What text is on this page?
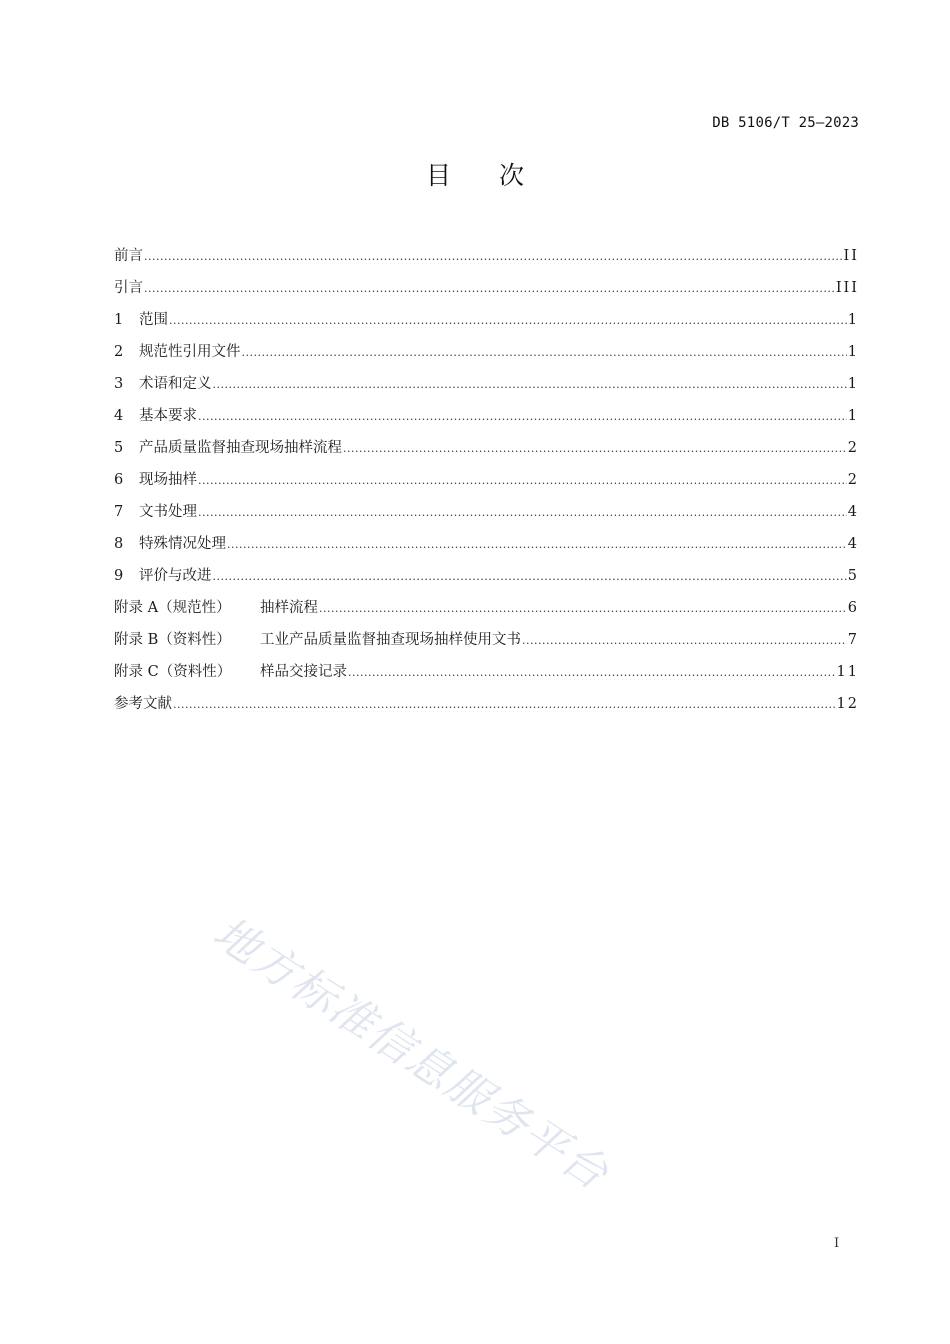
DB 5106/T 25—2023
目次
前言 .....	II
引言 .....	III
1	范围 .....	1
2	规范性引用文件 .....	1
3	术语和定义 .....	1
4	基本要求 .....	1
5	产品质量监督抽查现场抽样流程 .....	2
6	现场抽样 .....	2
7	文书处理 .....	4
8	特殊情况处理 .....	4
9	评价与改进 .....	5
附录 A（规范性）	抽样流程 .....	6
附录 B（资料性）	工业产品质量监督抽查现场抽样使用文书 .....	7
附录 C（资料性）	样品交接记录 .....	11
参考文献 .....	12
地方标准信息服务平台
I
